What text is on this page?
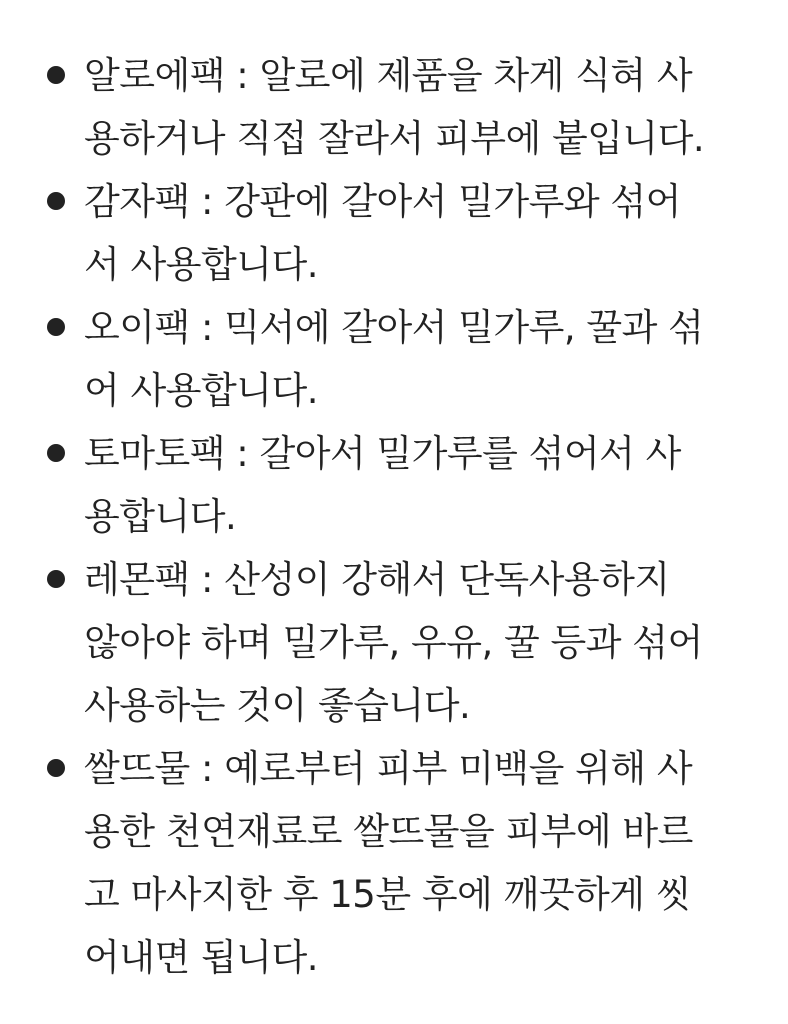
알로에팩 : 알로에 제품을 차게 식혀 사
용하거나 직접 잘라서 피부에 붙입니다.
감자팩 : 강판에 갈아서 밀가루와 섞어
서 사용합니다.
오이팩 : 믹서에 갈아서 밀가루, 꿀과 섞
어 사용합니다.
토마토팩 : 갈아서 밀가루를 섞어서 사
용합니다.
레몬팩 : 산성이 강해서 단독사용하지
않아야 하며 밀가루, 우유, 꿀 등과 섞어
사용하는 것이 좋습니다.
쌀뜨물 : 예로부터 피부 미백을 위해 사
용한 천연재료로 쌀뜨물을 피부에 바르
고 마사지한 후 15분 후에 깨끗하게 씻
어내면 됩니다.
